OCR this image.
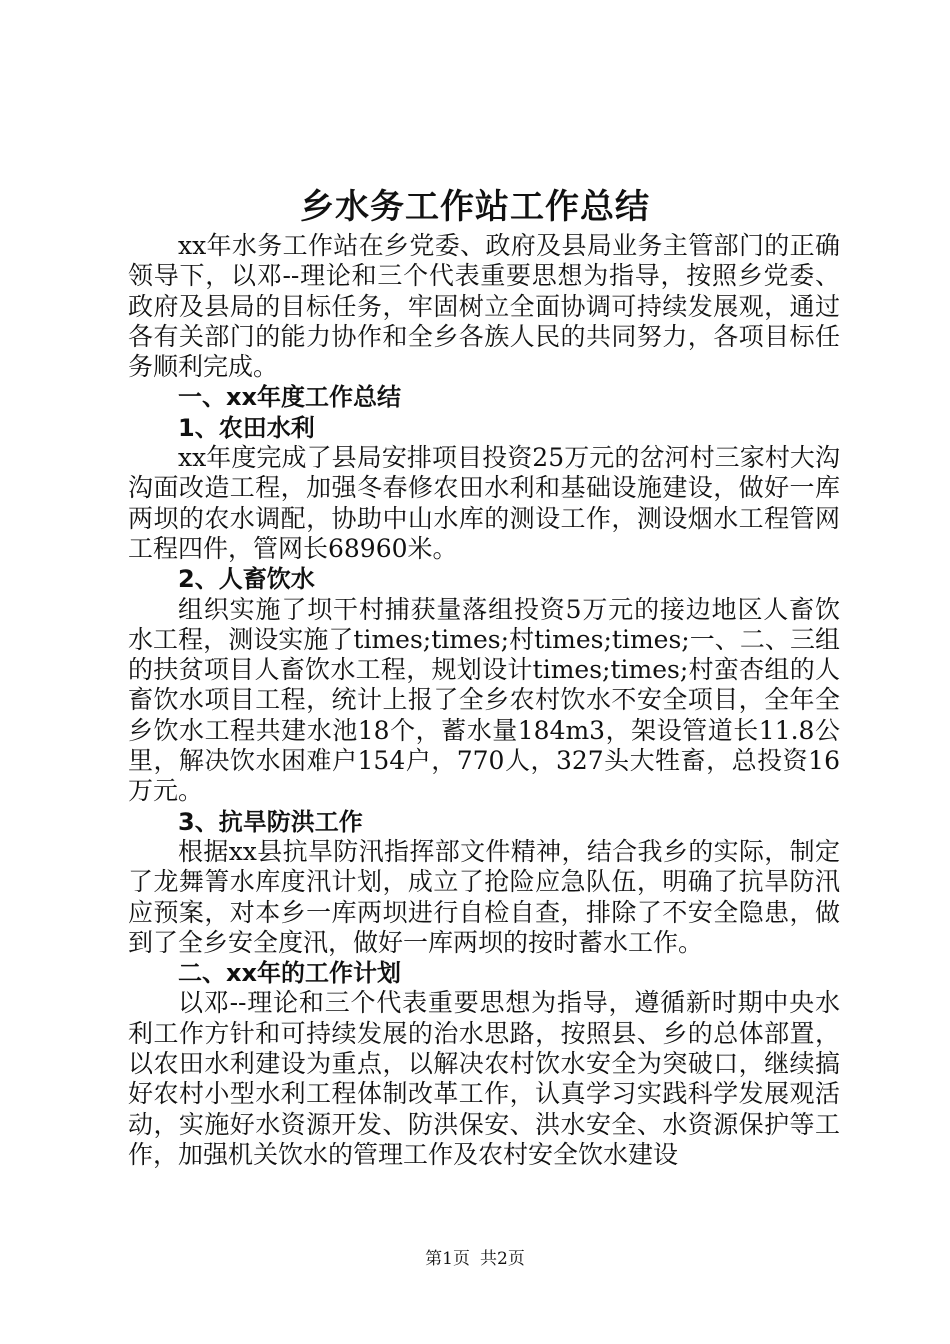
乡水务工作站工作总结

xx年水务工作站在乡党委、政府及县局业务主管部门的正确领导下，以邓--理论和三个代表重要思想为指导，按照乡党委、政府及县局的目标任务，牢固树立全面协调可持续发展观，通过各有关部门的能力协作和全乡各族人民的共同努力，各项目标任务顺利完成。

一、xx年度工作总结

1、农田水利

xx年度完成了县局安排项目投资25万元的岔河村三家村大沟沟面改造工程，加强冬春修农田水利和基础设施建设，做好一库两坝的农水调配，协助中山水库的测设工作，测设烟水工程管网工程四件，管网长68960米。

2、人畜饮水

组织实施了坝干村捕获量落组投资5万元的接边地区人畜饮水工程，测设实施了times;times;村times;times;一、二、三组的扶贫项目人畜饮水工程，规划设计times;times;村蛮杏组的人畜饮水项目工程，统计上报了全乡农村饮水不安全项目，全年全乡饮水工程共建水池18个，蓄水量184m3，架设管道长11.8公里，解决饮水困难户154户，770人，327头大牲畜，总投资16万元。

3、抗旱防洪工作

根据xx县抗旱防汛指挥部文件精神，结合我乡的实际，制定了龙舞箐水库度汛计划，成立了抢险应急队伍，明确了抗旱防汛应预案，对本乡一库两坝进行自检自查，排除了不安全隐患，做到了全乡安全度汛，做好一库两坝的按时蓄水工作。

二、xx年的工作计划

以邓--理论和三个代表重要思想为指导，遵循新时期中央水利工作方针和可持续发展的治水思路，按照县、乡的总体部置，以农田水利建设为重点，以解决农村饮水安全为突破口，继续搞好农村小型水利工程体制改革工作，认真学习实践科学发展观活动，实施好水资源开发、防洪保安、洪水安全、水资源保护等工作，加强机关饮水的管理工作及农村安全饮水建设

第1页 共2页
